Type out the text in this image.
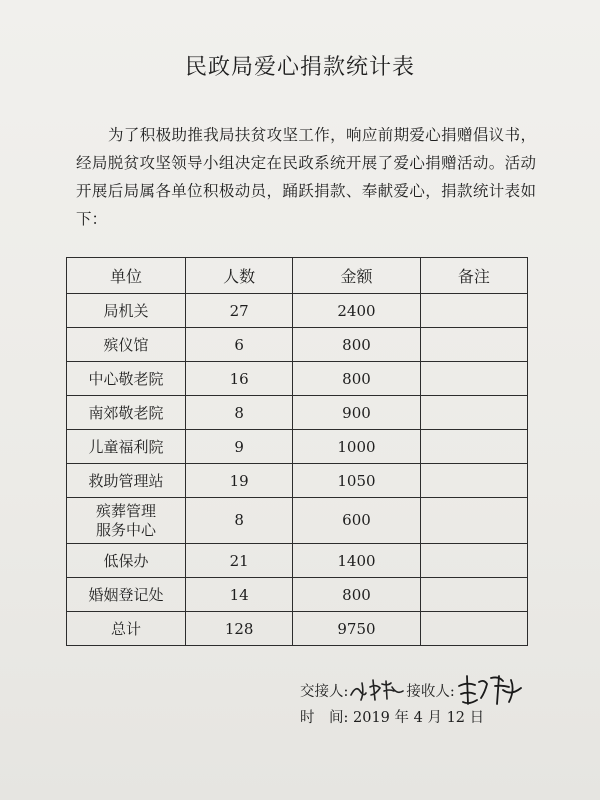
民政局爱心捐款统计表
为了积极助推我局扶贫攻坚工作，响应前期爱心捐赠倡议书，经局脱贫攻坚领导小组决定在民政系统开展了爱心捐赠活动。活动开展后局属各单位积极动员，踊跃捐款、奉献爱心，捐款统计表如下：
单位	人数	金额	备注
局机关	27	2400	
殡仪馆	6	800	
中心敬老院	16	800	
南郊敬老院	8	900	
儿童福利院	9	1000	
救助管理站	19	1050	
殡葬管理
服务中心	8	600	
低保办	21	1400	
婚姻登记处	14	800	
总计	128	9750	
交接人:	接收人:
时　间: 2019 年 4 月 12 日
